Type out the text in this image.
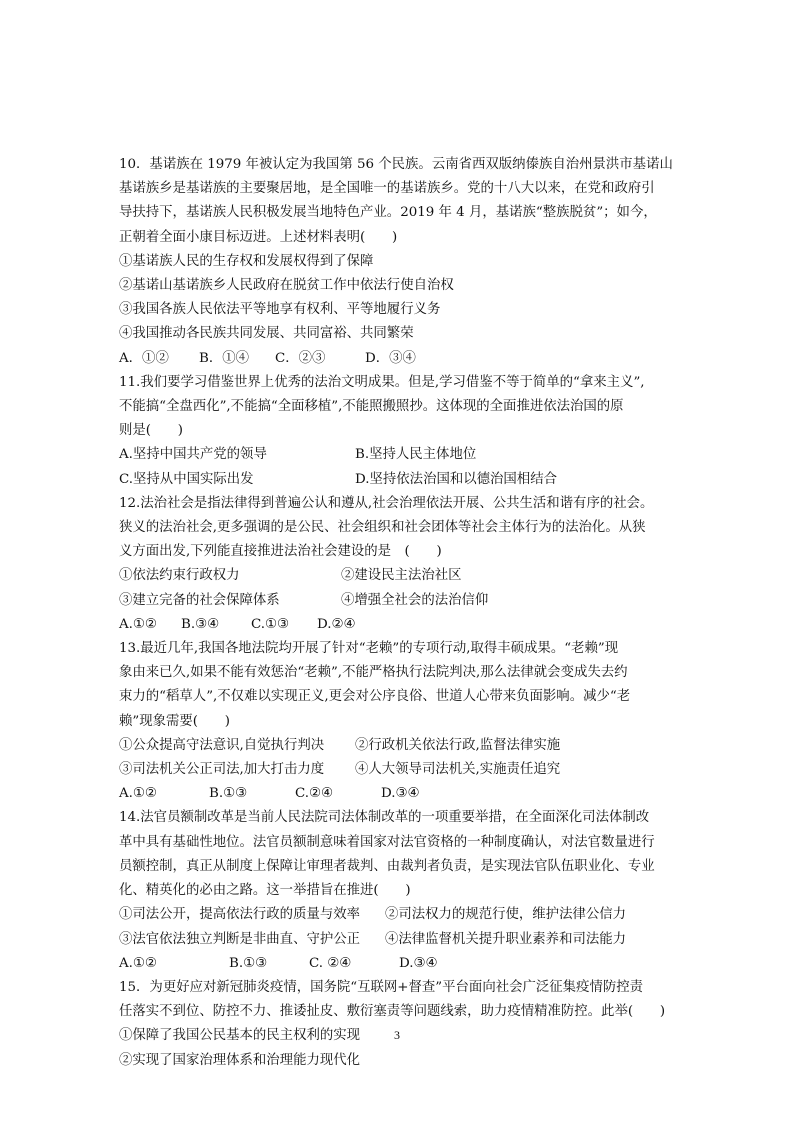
10．基诺族在 1979 年被认定为我国第 56 个民族。云南省西双版纳傣族自治州景洪市基诺山

基诺族乡是基诺族的主要聚居地，是全国唯一的基诺族乡。党的十八大以来，在党和政府引

导扶持下，基诺族人民积极发展当地特色产业。2019 年 4 月，基诺族“整族脱贫”；如今，

正朝着全面小康目标迈进。上述材料表明(　　)

①基诺族人民的生存权和发展权得到了保障

②基诺山基诺族乡人民政府在脱贫工作中依法行使自治权

③我国各族人民依法平等地享有权利、平等地履行义务

④我国推动各民族共同发展、共同富裕、共同繁荣

A．①②	B．①④	C．②③	D．③④

11.我们要学习借鉴世界上优秀的法治文明成果。但是,学习借鉴不等于简单的“拿来主义”,

不能搞“全盘西化”,不能搞“全面移植”,不能照搬照抄。这体现的全面推进依法治国的原

则是(　　)

A.坚持中国共产党的领导	B.坚持人民主体地位
C.坚持从中国实际出发	D.坚持依法治国和以德治国相结合

12.法治社会是指法律得到普遍公认和遵从,社会治理依法开展、公共生活和谐有序的社会。

狭义的法治社会,更多强调的是公民、社会组织和社会团体等社会主体行为的法治化。从狭

义方面出发,下列能直接推进法治社会建设的是　(　　)

①依法约束行政权力	②建设民主法治社区
③建立完备的社会保障体系	④增强全社会的法治信仰
A.①②	B.③④	C.①③	D.②④

13.最近几年,我国各地法院均开展了针对“老赖”的专项行动,取得丰硕成果。“老赖”现

象由来已久,如果不能有效惩治“老赖”,不能严格执行法院判决,那么法律就会变成失去约

束力的“稻草人”,不仅难以实现正义,更会对公序良俗、世道人心带来负面影响。减少“老

赖”现象需要(　　)

①公众提高守法意识,自觉执行判决	②行政机关依法行政,监督法律实施
③司法机关公正司法,加大打击力度	④人大领导司法机关,实施责任追究
A.①②	B.①③	C.②④	D.③④

14.法官员额制改革是当前人民法院司法体制改革的一项重要举措，在全面深化司法体制改

革中具有基础性地位。法官员额制意味着国家对法官资格的一种制度确认，对法官数量进行

员额控制，真正从制度上保障让审理者裁判、由裁判者负责，是实现法官队伍职业化、专业

化、精英化的必由之路。这一举措旨在推进(　　)

①司法公开，提高依法行政的质量与效率	②司法权力的规范行使，维护法律公信力
③法官依法独立判断是非曲直、守护公正	④法律监督机关提升职业素养和司法能力
A.①②	B.①③	C. ②④	D.③④

15．为更好应对新冠肺炎疫情，国务院“互联网+督查”平台面向社会广泛征集疫情防控责

任落实不到位、防控不力、推诿扯皮、敷衍塞责等问题线索，助力疫情精准防控。此举(　　)

①保障了我国公民基本的民主权利的实现

②实现了国家治理体系和治理能力现代化

3
